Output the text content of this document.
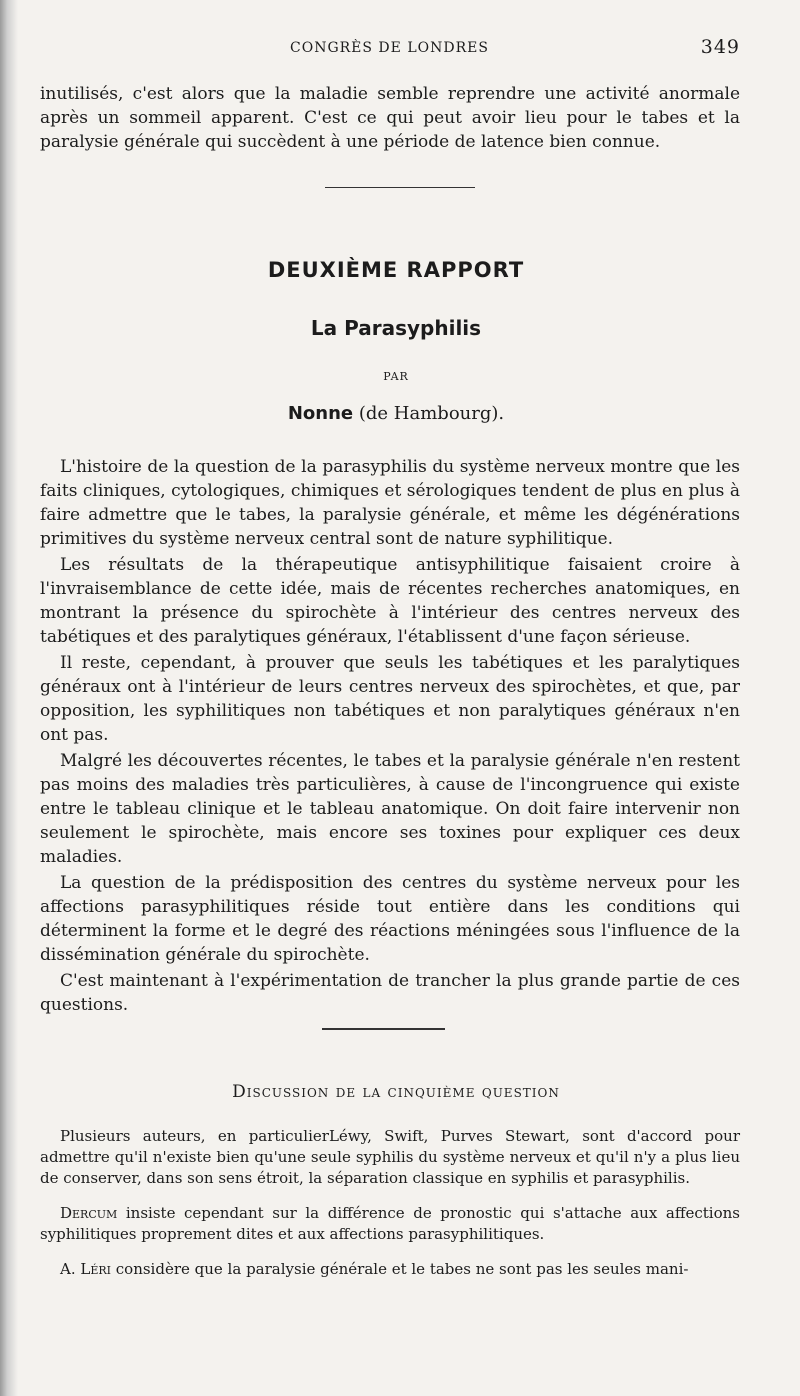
CONGRÈS DE LONDRES	349

inutilisés, c'est alors que la maladie semble reprendre une activité anormale après un sommeil apparent. C'est ce qui peut avoir lieu pour le tabes et la paralysie générale qui succèdent à une période de latence bien connue.

DEUXIÈME RAPPORT
La Parasyphilis
PAR
Nonne (de Hambourg).

L'histoire de la question de la parasyphilis du système nerveux montre que les faits cliniques, cytologiques, chimiques et sérologiques tendent de plus en plus à faire admettre que le tabes, la paralysie générale, et même les dégénérations primitives du système nerveux central sont de nature syphilitique.

Les résultats de la thérapeutique antisyphilitique faisaient croire à l'invraisemblance de cette idée, mais de récentes recherches anatomiques, en montrant la présence du spirochète à l'intérieur des centres nerveux des tabétiques et des paralytiques généraux, l'établissent d'une façon sérieuse.

Il reste, cependant, à prouver que seuls les tabétiques et les paralytiques généraux ont à l'intérieur de leurs centres nerveux des spirochètes, et que, par opposition, les syphilitiques non tabétiques et non paralytiques généraux n'en ont pas.

Malgré les découvertes récentes, le tabes et la paralysie générale n'en restent pas moins des maladies très particulières, à cause de l'incongruence qui existe entre le tableau clinique et le tableau anatomique. On doit faire intervenir non seulement le spirochète, mais encore ses toxines pour expliquer ces deux maladies.

La question de la prédisposition des centres du système nerveux pour les affections parasyphilitiques réside tout entière dans les conditions qui déterminent la forme et le degré des réactions méningées sous l'influence de la dissémination générale du spirochète.

C'est maintenant à l'expérimentation de trancher la plus grande partie de ces questions.

Discussion de la cinquième question

Plusieurs auteurs, en particulierLéwy, Swift, Purves Stewart, sont d'accord pour admettre qu'il n'existe bien qu'une seule syphilis du système nerveux et qu'il n'y a plus lieu de conserver, dans son sens étroit, la séparation classique en syphilis et parasyphilis.

Dercum insiste cependant sur la différence de pronostic qui s'attache aux affections syphilitiques proprement dites et aux affections parasyphilitiques.

A. Léri considère que la paralysie générale et le tabes ne sont pas les seules mani-
